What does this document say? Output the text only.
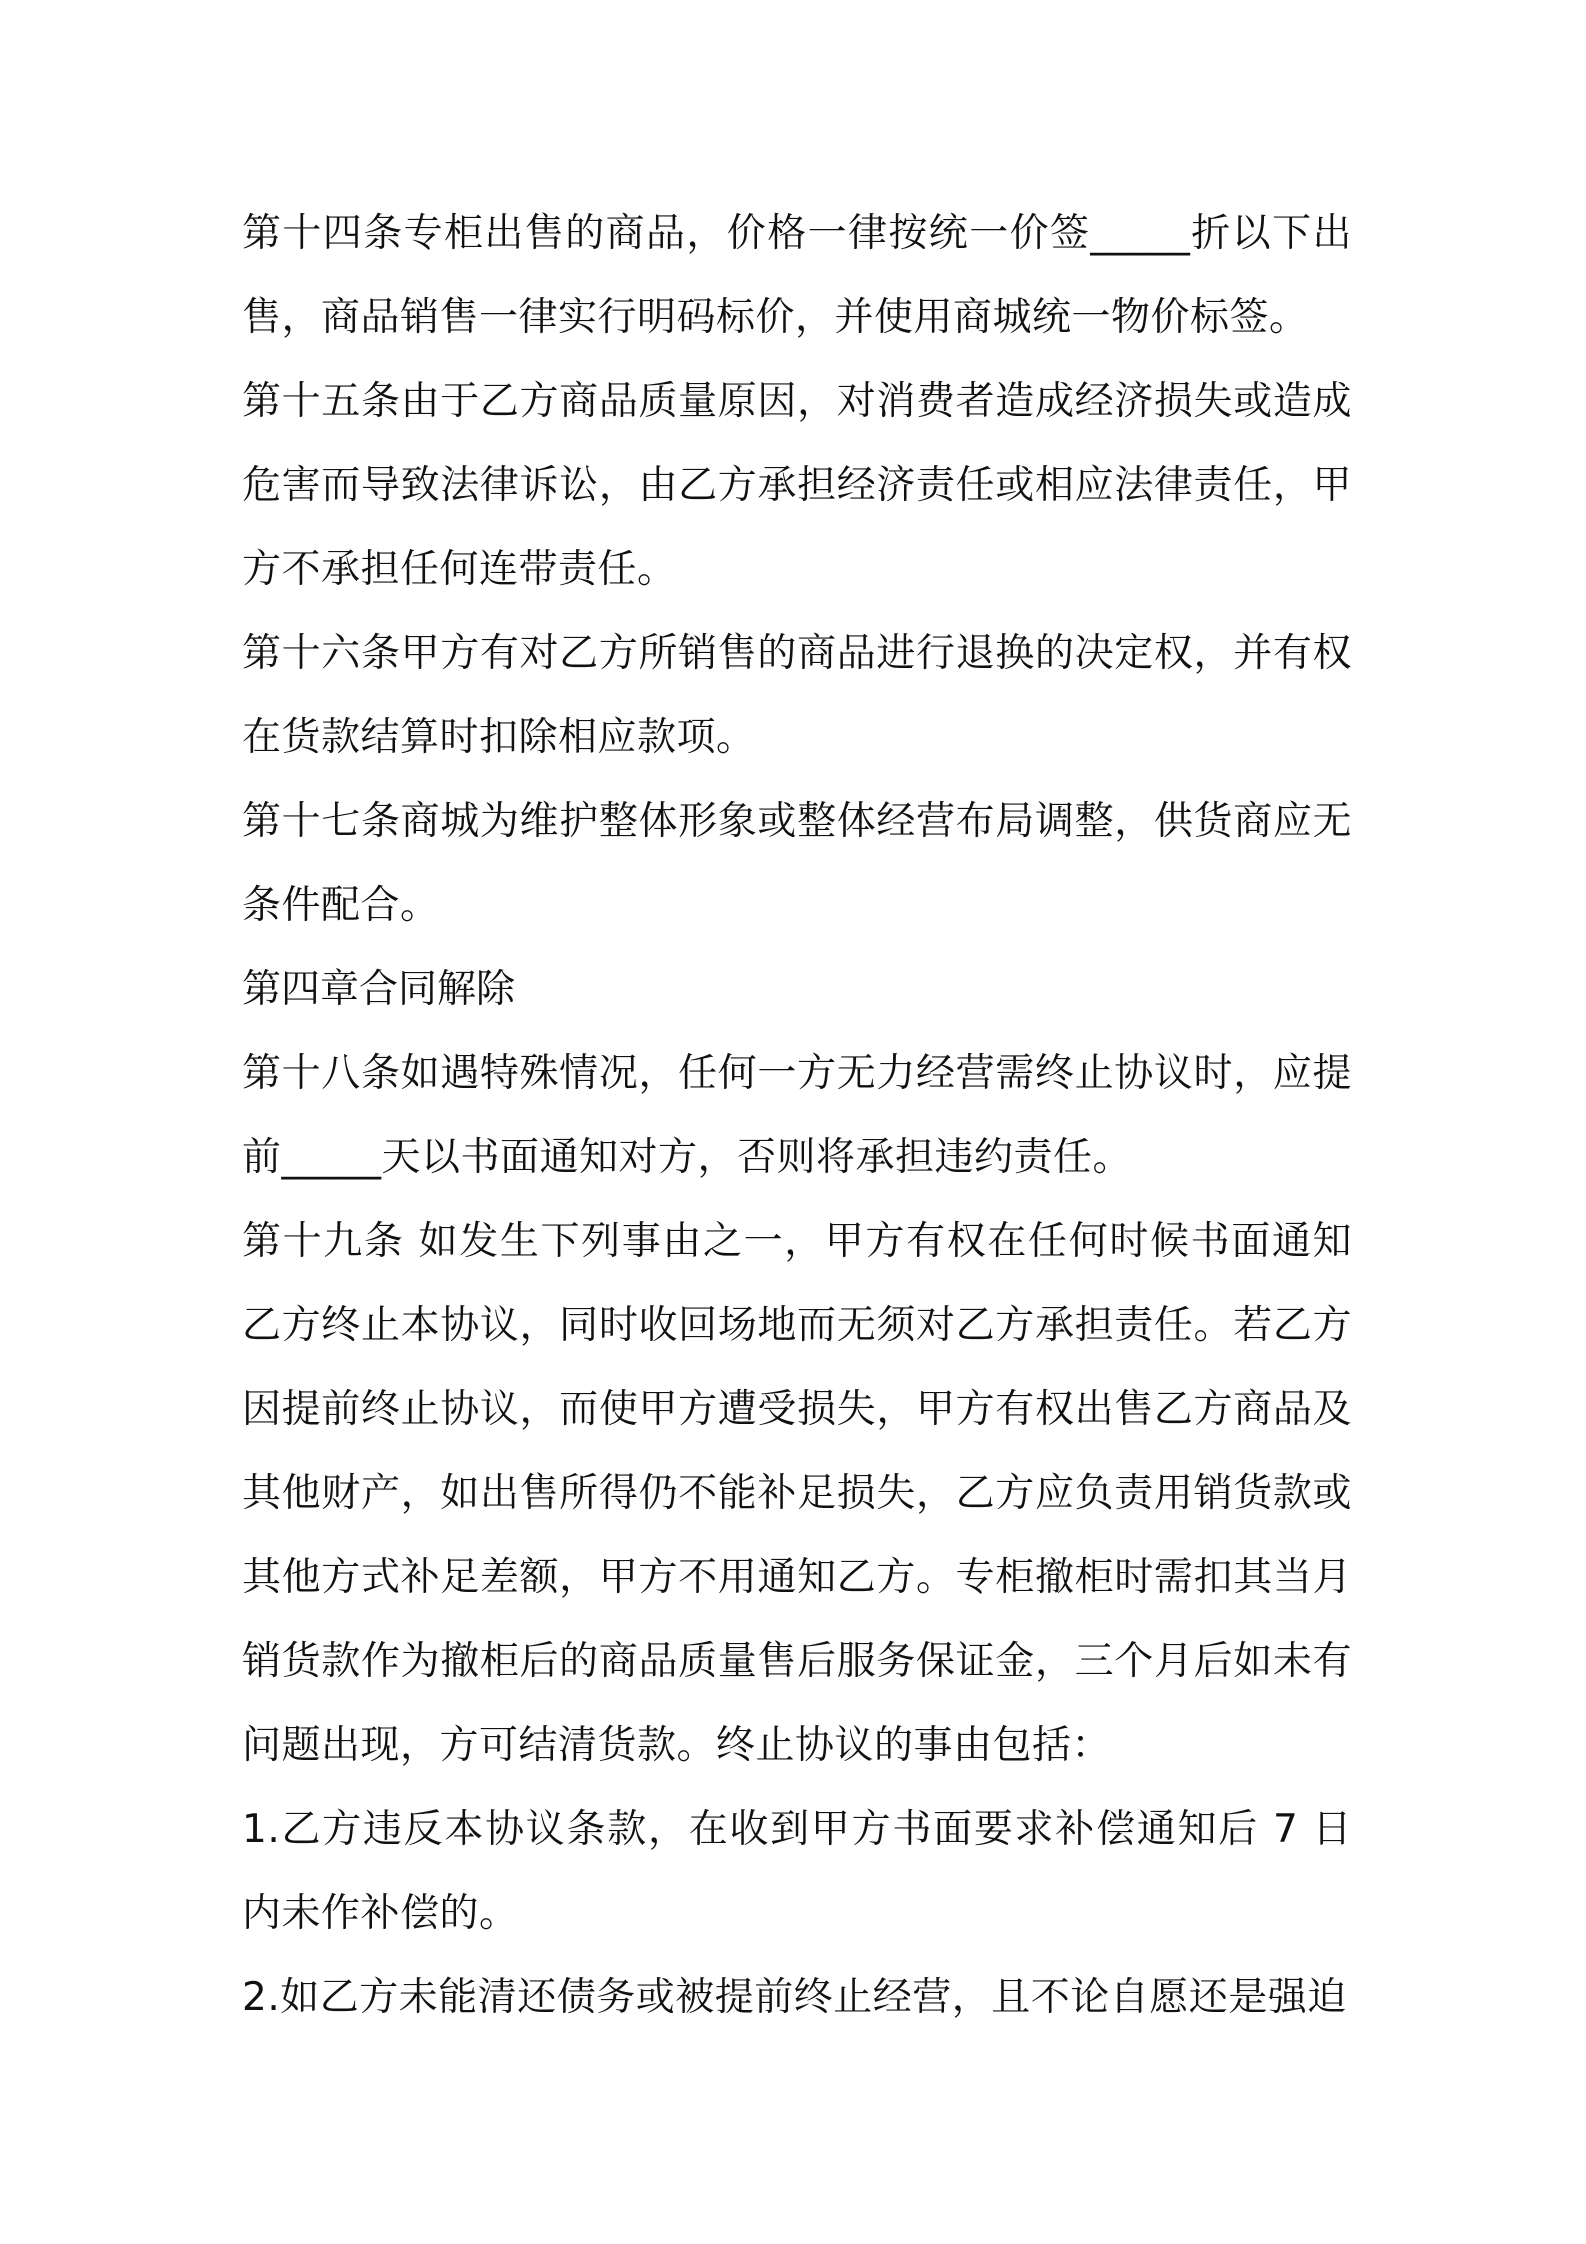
第十四条专柜出售的商品，价格一律按统一价签_____折以下出售，商品销售一律实行明码标价，并使用商城统一物价标签。

第十五条由于乙方商品质量原因，对消费者造成经济损失或造成危害而导致法律诉讼，由乙方承担经济责任或相应法律责任，甲方不承担任何连带责任。

第十六条甲方有对乙方所销售的商品进行退换的决定权，并有权在货款结算时扣除相应款项。

第十七条商城为维护整体形象或整体经营布局调整，供货商应无条件配合。

第四章合同解除

第十八条如遇特殊情况，任何一方无力经营需终止协议时，应提前_____天以书面通知对方，否则将承担违约责任。

第十九条 如发生下列事由之一，甲方有权在任何时候书面通知乙方终止本协议，同时收回场地而无须对乙方承担责任。若乙方因提前终止协议，而使甲方遭受损失，甲方有权出售乙方商品及其他财产，如出售所得仍不能补足损失，乙方应负责用销货款或其他方式补足差额，甲方不用通知乙方。专柜撤柜时需扣其当月销货款作为撤柜后的商品质量售后服务保证金，三个月后如未有问题出现，方可结清货款。终止协议的事由包括：

1.乙方违反本协议条款，在收到甲方书面要求补偿通知后 7 日内未作补偿的。

2.如乙方未能清还债务或被提前终止经营，且不论自愿还是强迫
